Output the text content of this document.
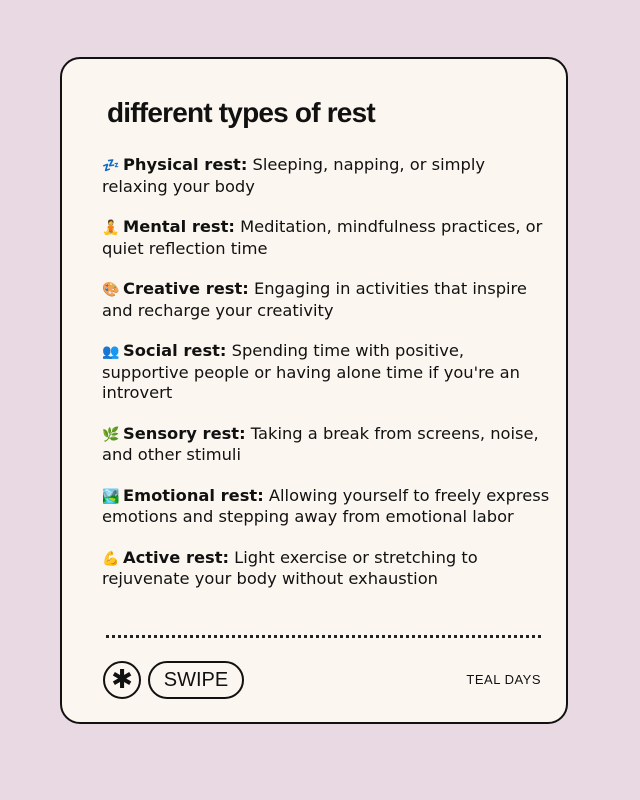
different types of rest
💤 Physical rest: Sleeping, napping, or simply relaxing your body
🧘 Mental rest: Meditation, mindfulness practices, or quiet reflection time
🎨 Creative rest: Engaging in activities that inspire and recharge your creativity
👥 Social rest: Spending time with positive, supportive people or having alone time if you're an introvert
🌿 Sensory rest: Taking a break from screens, noise, and other stimuli
🏞️ Emotional rest: Allowing yourself to freely express emotions and stepping away from emotional labor
💪 Active rest: Light exercise or stretching to rejuvenate your body without exhaustion
✱	SWIPE	TEAL DAYS
